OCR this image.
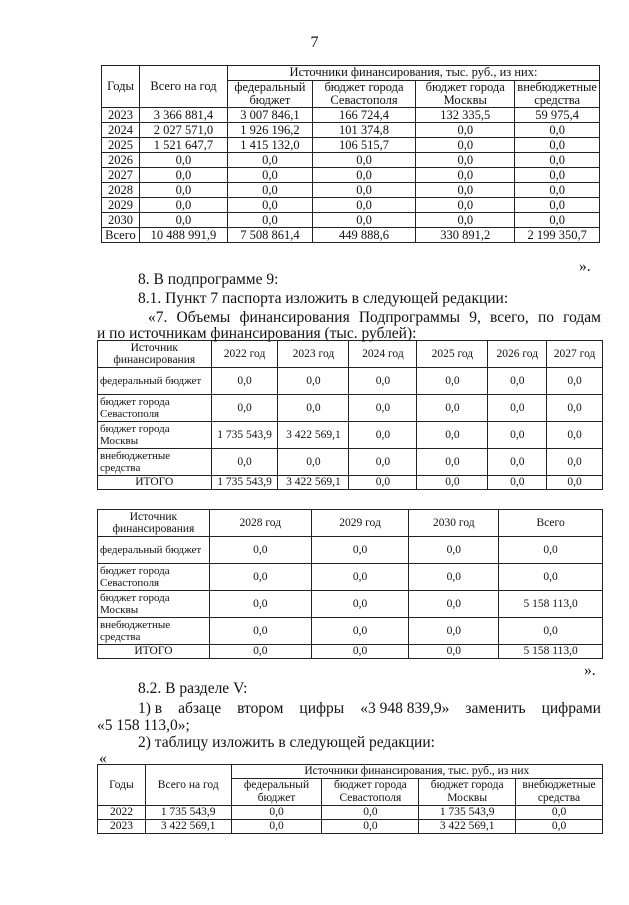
7
Годы	Всего на год	Источники финансирования, тыс. руб., из них:			
		федеральный бюджет	бюджет города Севастополя	бюджет города Москвы	внебюджетные средства
2023	3 366 881,4	3 007 846,1	166 724,4	132 335,5	59 975,4
2024	2 027 571,0	1 926 196,2	101 374,8	0,0	0,0
2025	1 521 647,7	1 415 132,0	106 515,7	0,0	0,0
2026	0,0	0,0	0,0	0,0	0,0
2027	0,0	0,0	0,0	0,0	0,0
2028	0,0	0,0	0,0	0,0	0,0
2029	0,0	0,0	0,0	0,0	0,0
2030	0,0	0,0	0,0	0,0	0,0
Всего	10 488 991,9	7 508 861,4	449 888,6	330 891,2	2 199 350,7
».
8. В подпрограмме 9:
8.1. Пункт 7 паспорта изложить в следующей редакции:
«7. Объемы финансирования Подпрограммы 9, всего, по годам
и по источникам финансирования (тыс. рублей):
Источник финансирования	2022 год	2023 год	2024 год	2025 год	2026 год	2027 год
федеральный бюджет	0,0	0,0	0,0	0,0	0,0	0,0
бюджет города Севастополя	0,0	0,0	0,0	0,0	0,0	0,0
бюджет города Москвы	1 735 543,9	3 422 569,1	0,0	0,0	0,0	0,0
внебюджетные средства	0,0	0,0	0,0	0,0	0,0	0,0
ИТОГО	1 735 543,9	3 422 569,1	0,0	0,0	0,0	0,0
Источник финансирования	2028 год	2029 год	2030 год	Всего
федеральный бюджет	0,0	0,0	0,0	0,0
бюджет города Севастополя	0,0	0,0	0,0	0,0
бюджет города Москвы	0,0	0,0	0,0	5 158 113,0
внебюджетные средства	0,0	0,0	0,0	0,0
ИТОГО	0,0	0,0	0,0	5 158 113,0
».
8.2. В разделе V:
1) в абзаце втором цифры «3 948 839,9» заменить цифрами
«5 158 113,0»;
2) таблицу изложить в следующей редакции:
«
Годы	Всего на год	Источники финансирования, тыс. руб., из них			
		федеральный бюджет	бюджет города Севастополя	бюджет города Москвы	внебюджетные средства
2022	1 735 543,9	0,0	0,0	1 735 543,9	0,0
2023	3 422 569,1	0,0	0,0	3 422 569,1	0,0
